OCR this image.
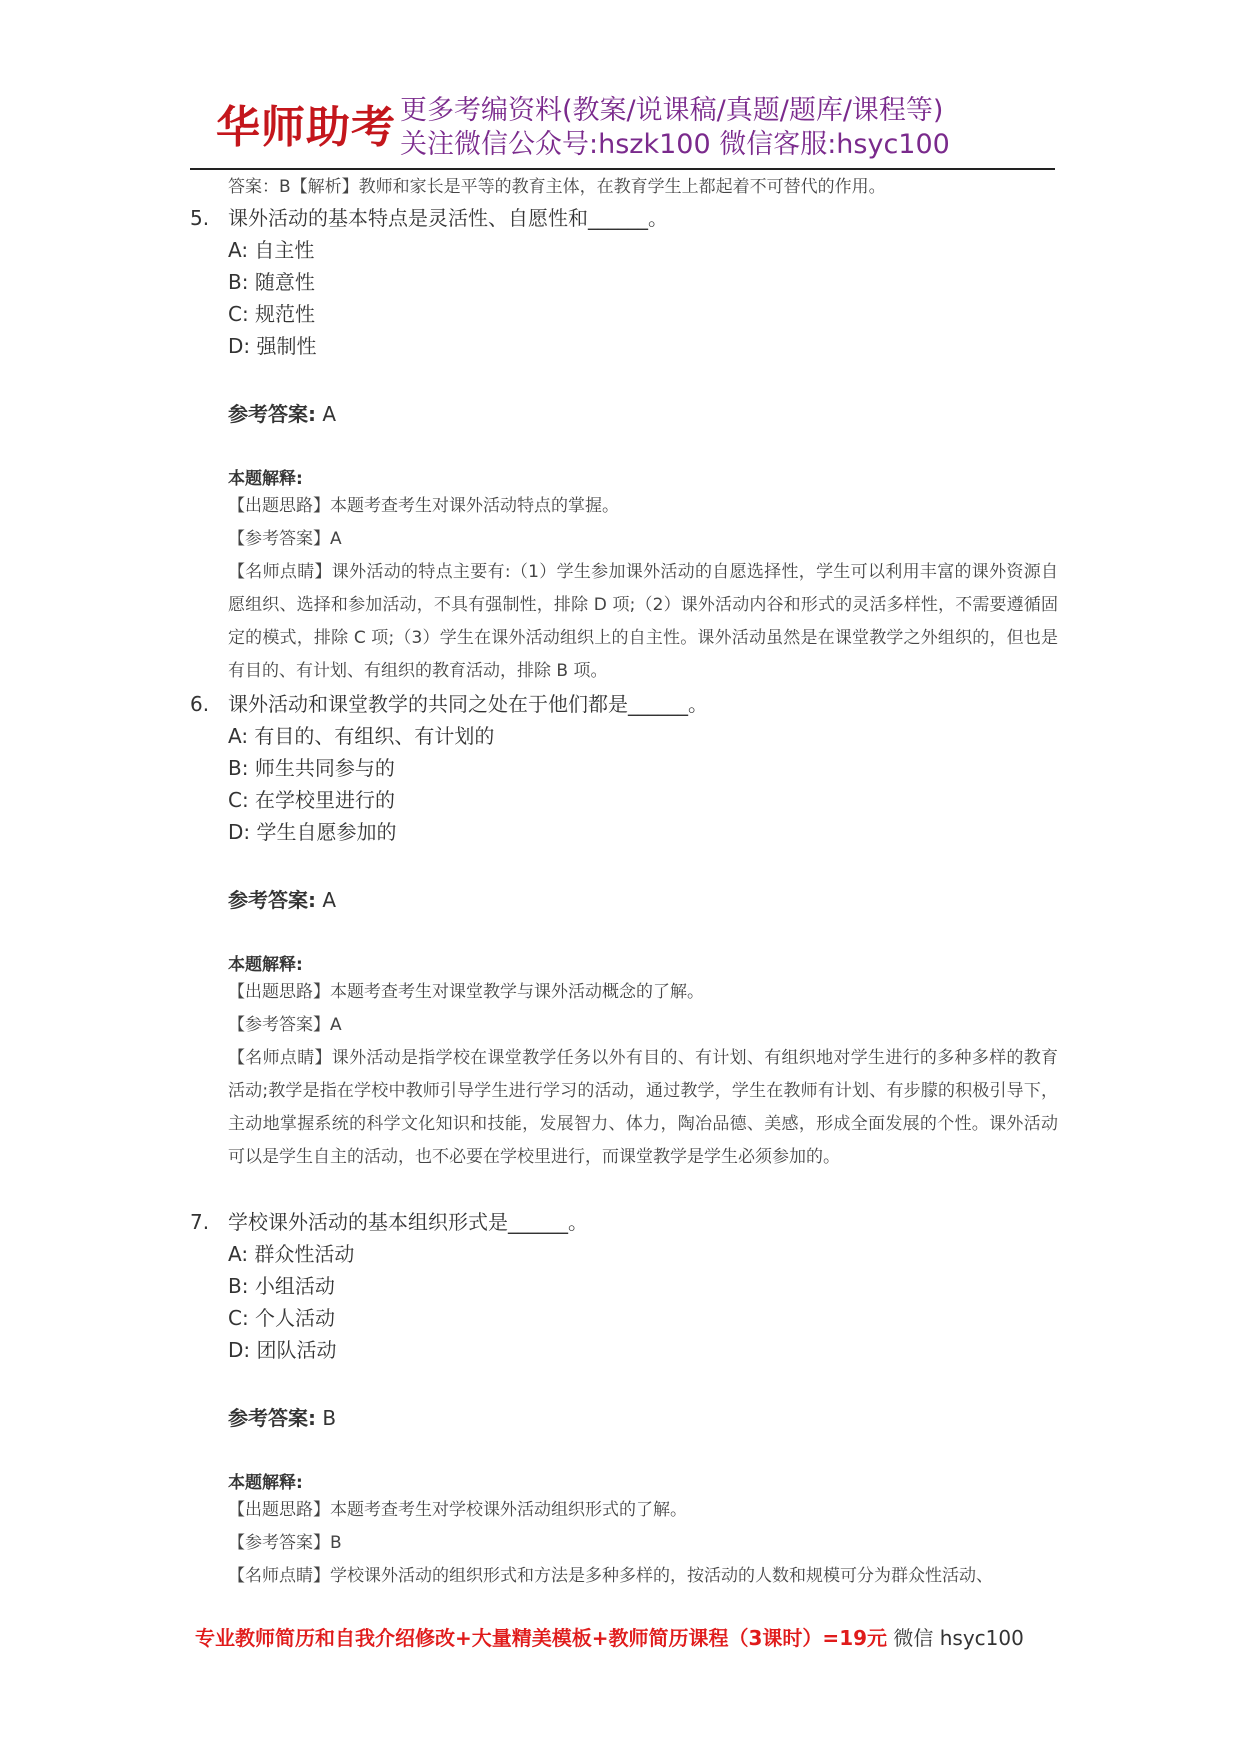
华师助考 更多考编资料(教案/说课稿/真题/题库/课程等)
关注微信公众号:hszk100 微信客服:hsyc100
答案：B【解析】教师和家长是平等的教育主体，在教育学生上都起着不可替代的作用。
5. 课外活动的基本特点是灵活性、自愿性和______。
A: 自主性
B: 随意性
C: 规范性
D: 强制性
参考答案: A
本题解释:
【出题思路】本题考查考生对课外活动特点的掌握。
【参考答案】A
【名师点睛】课外活动的特点主要有:（1）学生参加课外活动的自愿选择性，学生可以利用丰富的课外资源自愿组织、选择和参加活动，不具有强制性，排除 D 项;（2）课外活动内谷和形式的灵活多样性，不需要遵循固定的模式，排除 C 项;（3）学生在课外活动组织上的自主性。课外活动虽然是在课堂教学之外组织的，但也是有目的、有计划、有组织的教育活动，排除 B 项。
6. 课外活动和课堂教学的共同之处在于他们都是______。
A: 有目的、有组织、有计划的
B: 师生共同参与的
C: 在学校里进行的
D: 学生自愿参加的
参考答案: A
本题解释:
【出题思路】本题考查考生对课堂教学与课外活动概念的了解。
【参考答案】A
【名师点睛】课外活动是指学校在课堂教学任务以外有目的、有计划、有组织地对学生进行的多种多样的教育活动;教学是指在学校中教师引导学生进行学习的活动，通过教学，学生在教师有计划、有步朦的积极引导下，主动地掌握系统的科学文化知识和技能，发展智力、体力，陶冶品德、美感，形成全面发展的个性。课外活动可以是学生自主的活动，也不必要在学校里进行，而课堂教学是学生必须参加的。
7. 学校课外活动的基本组织形式是______。
A: 群众性活动
B: 小组活动
C: 个人活动
D: 团队活动
参考答案: B
本题解释:
【出题思路】本题考查考生对学校课外活动组织形式的了解。
【参考答案】B
【名师点睛】学校课外活动的组织形式和方法是多种多样的，按活动的人数和规模可分为群众性活动、
专业教师简历和自我介绍修改+大量精美模板+教师简历课程（3课时）=19元 微信 hsyc100
